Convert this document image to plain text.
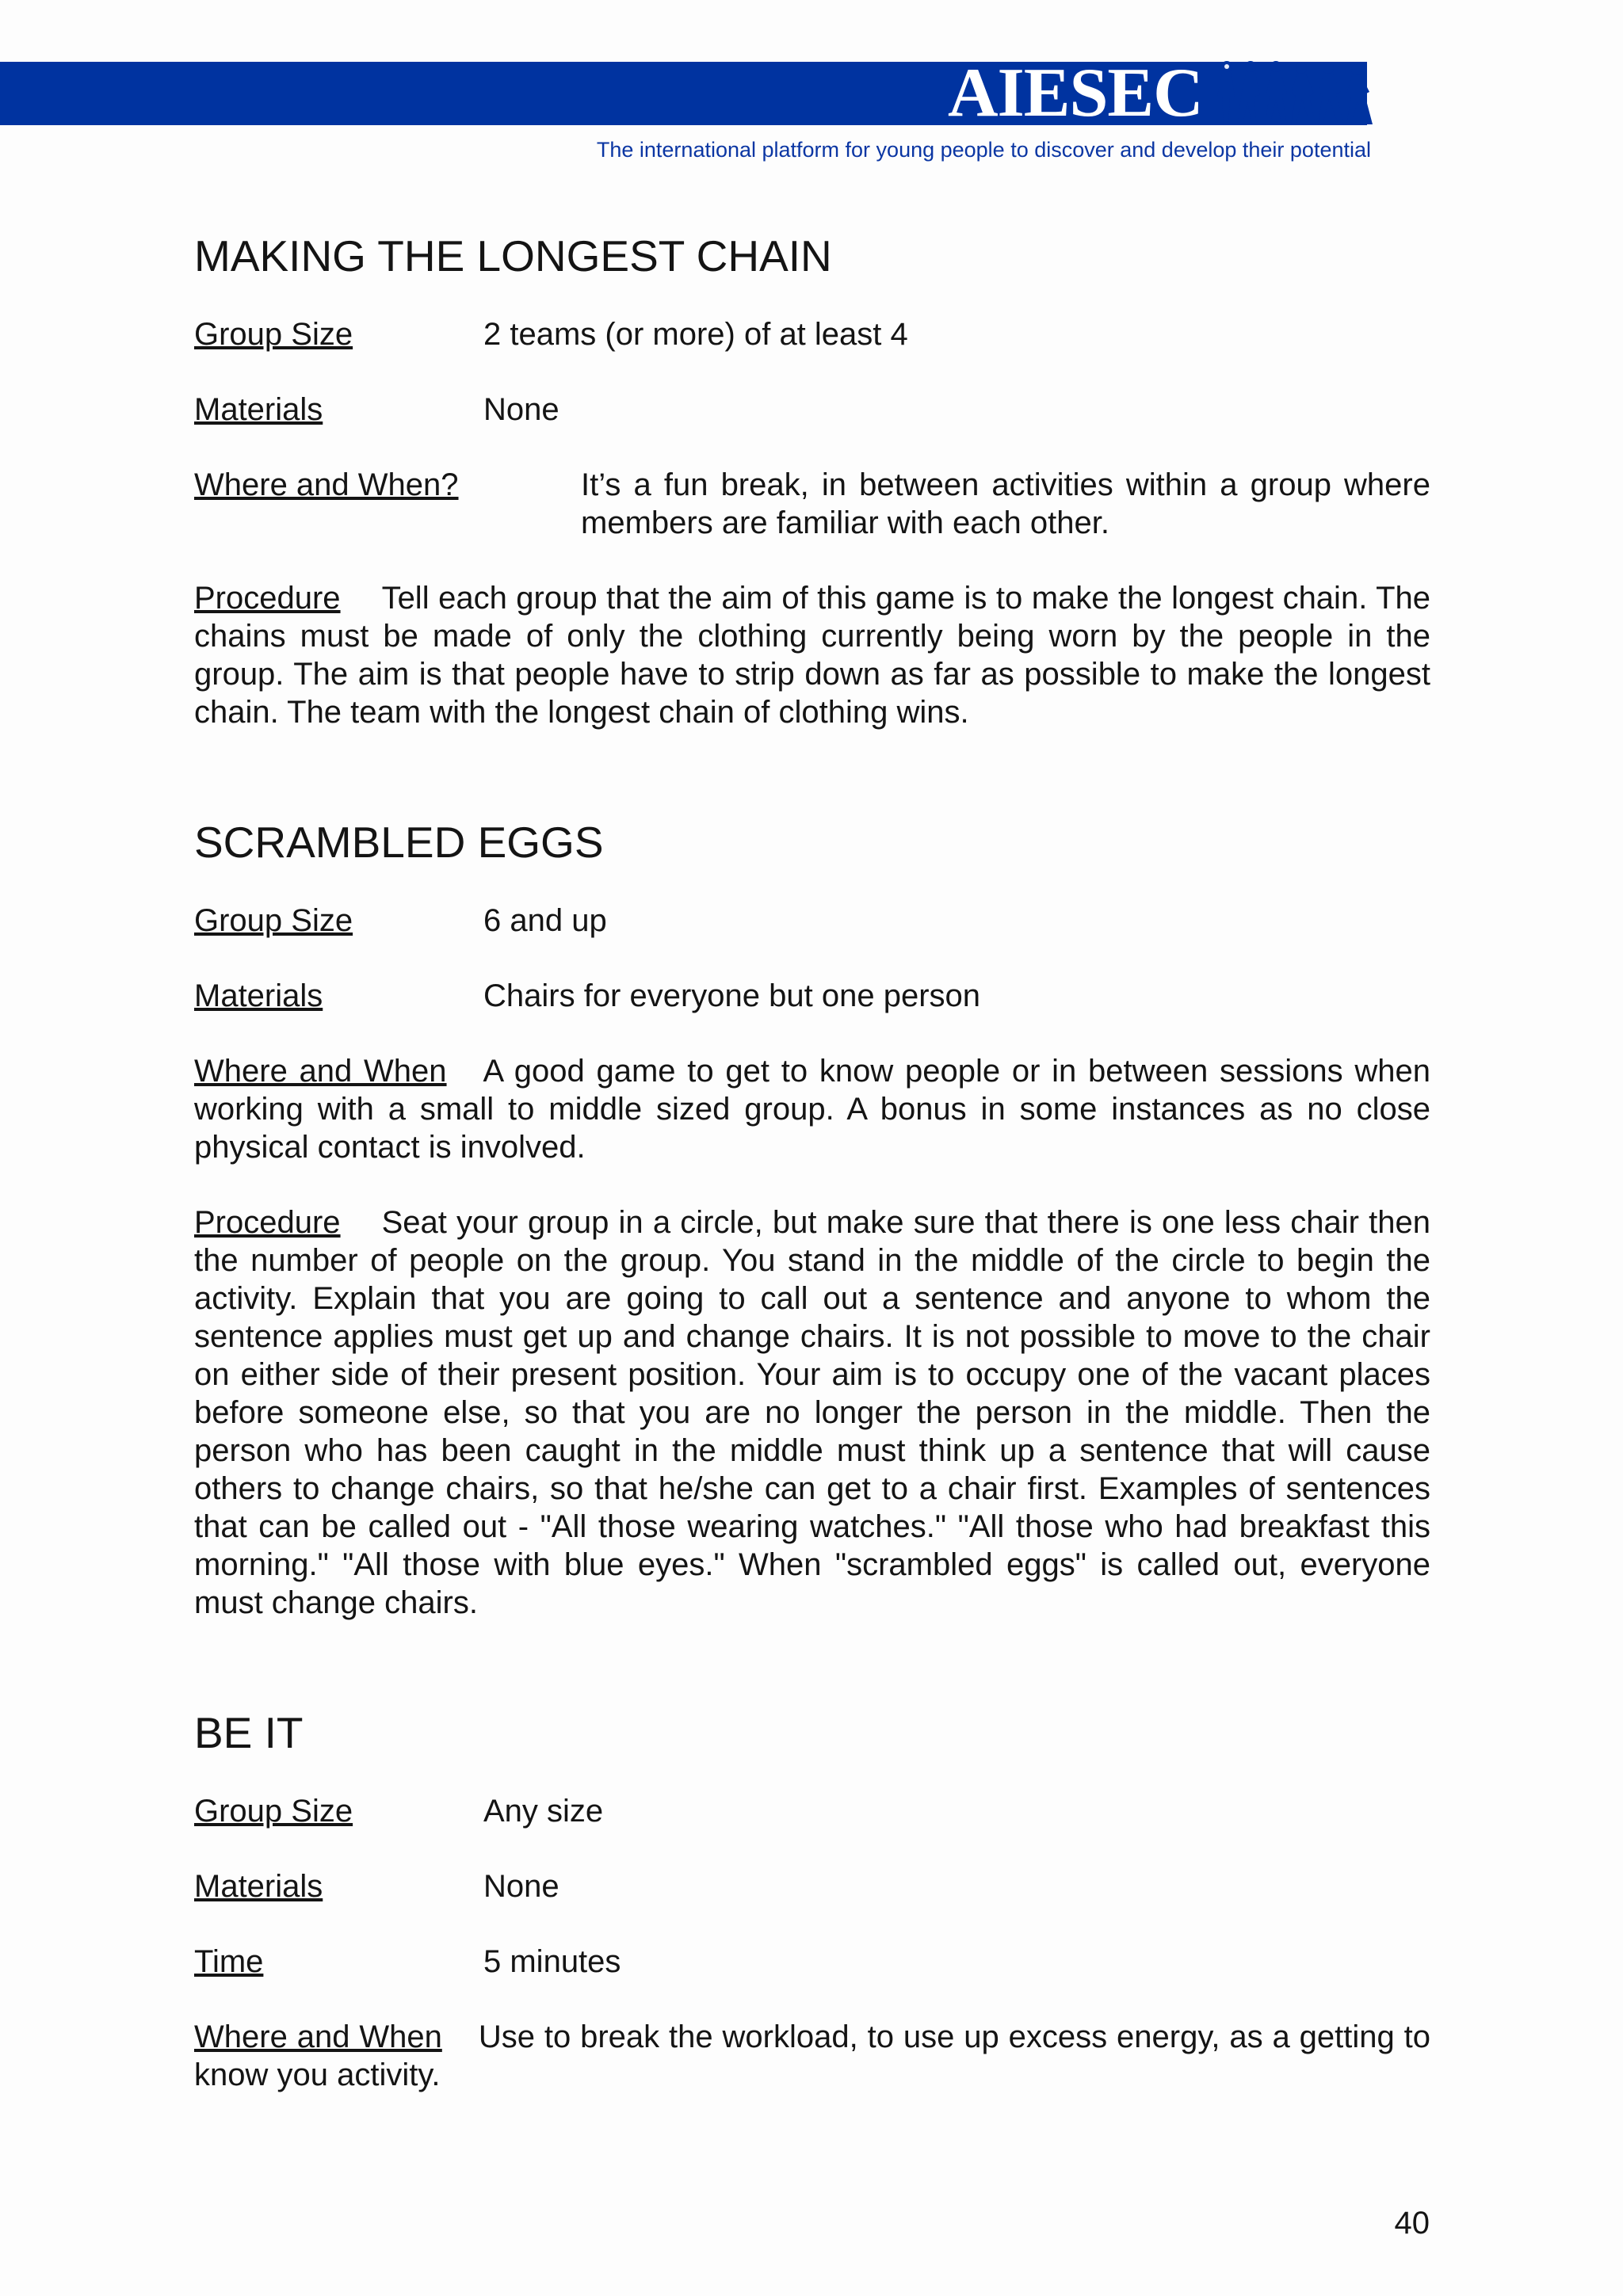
AIESEC
The international platform for young people to discover and develop their potential
MAKING THE LONGEST CHAIN
Group Size	2 teams (or more) of at least 4
Materials	None
Where and When?	It’s a fun break, in between activities within a group where members are familiar with each other.
Procedure Tell each group that the aim of this game is to make the longest chain. The chains must be made of only the clothing currently being worn by the people in the group. The aim is that people have to strip down as far as possible to make the longest chain. The team with the longest chain of clothing wins.
SCRAMBLED EGGS
Group Size	6 and up
Materials	Chairs for everyone but one person
Where and When A good game to get to know people or in between sessions when working with a small to middle sized group. A bonus in some instances as no close physical contact is involved.
Procedure Seat your group in a circle, but make sure that there is one less chair then the number of people on the group. You stand in the middle of the circle to begin the activity. Explain that you are going to call out a sentence and anyone to whom the sentence applies must get up and change chairs. It is not possible to move to the chair on either side of their present position. Your aim is to occupy one of the vacant places before someone else, so that you are no longer the person in the middle. Then the person who has been caught in the middle must think up a sentence that will cause others to change chairs, so that he/she can get to a chair first. Examples of sentences that can be called out - "All those wearing watches." "All those who had breakfast this morning." "All those with blue eyes." When "scrambled eggs" is called out, everyone must change chairs.
BE IT
Group Size	Any size
Materials	None
Time	5 minutes
Where and When Use to break the workload, to use up excess energy, as a getting to know you activity.
40
